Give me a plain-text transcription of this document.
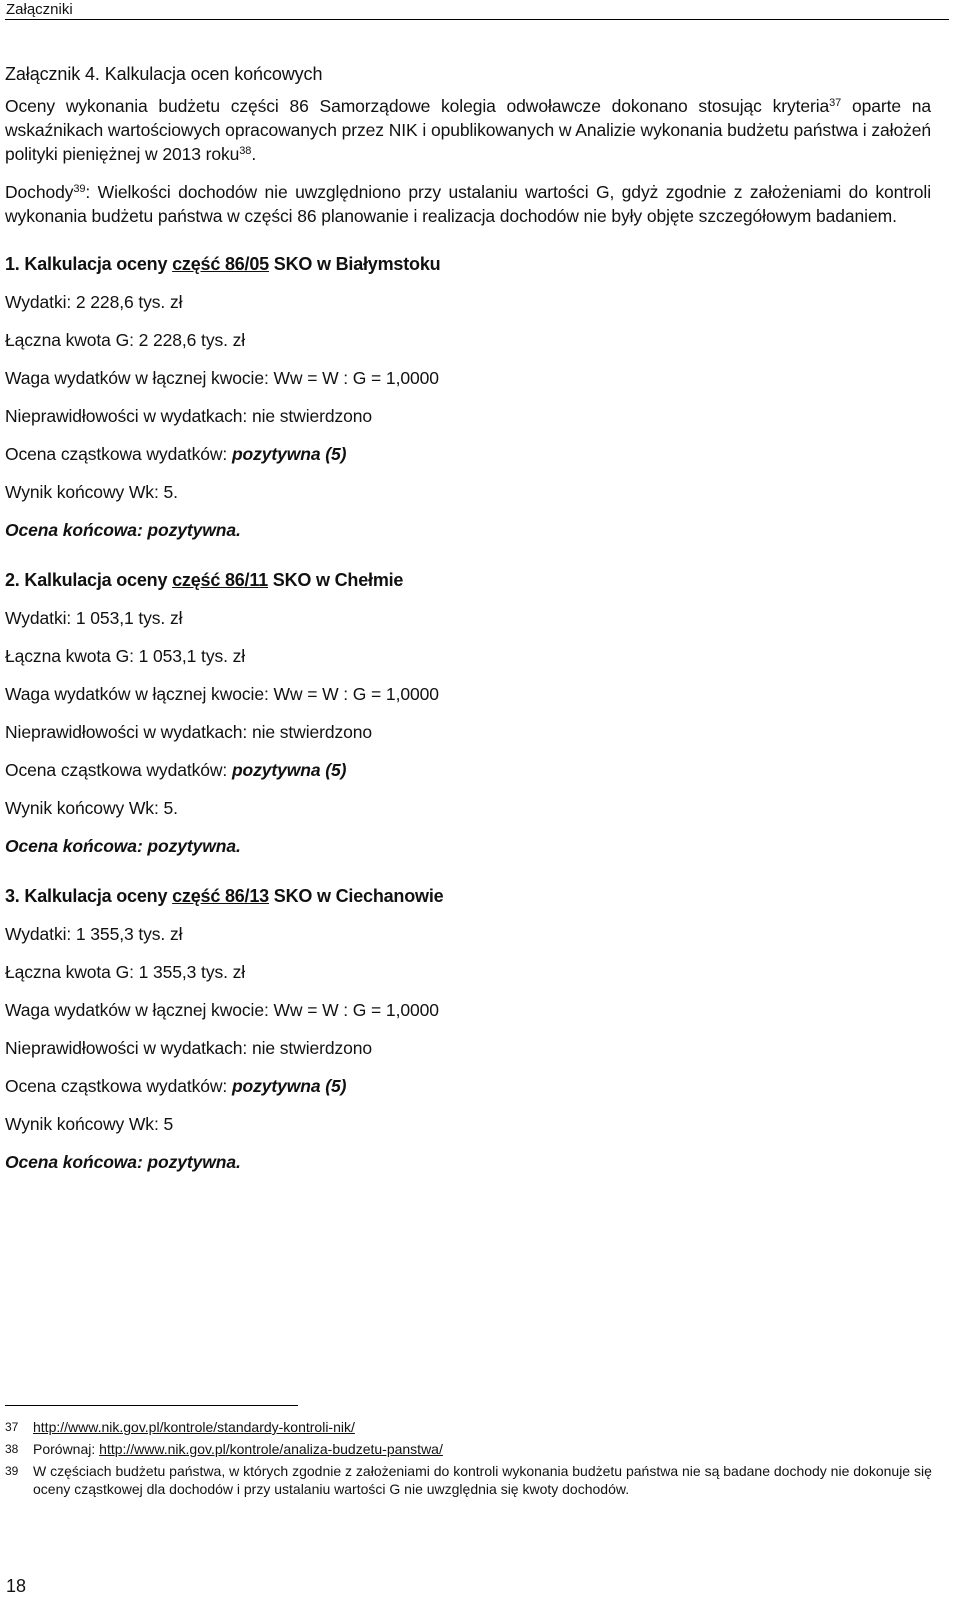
Załączniki
Załącznik 4. Kalkulacja ocen końcowych

Oceny wykonania budżetu części 86 Samorządowe kolegia odwoławcze dokonano stosując kryteria$^{37}$ oparte na wskaźnikach wartościowych opracowanych przez NIK i opublikowanych w Analizie wykonania budżetu państwa i założeń polityki pieniężnej w 2013 roku$^{38}$.

Dochody$^{39}$: Wielkości dochodów nie uwzględniono przy ustalaniu wartości G, gdyż zgodnie z założeniami do kontroli wykonania budżetu państwa w części 86 planowanie i realizacja dochodów nie były objęte szczegółowym badaniem.

1. Kalkulacja oceny część 86/05 SKO w Białymstoku
Wydatki: 2 228,6 tys. zł
Łączna kwota G: 2 228,6 tys. zł
Waga wydatków w łącznej kwocie: Ww = W : G = 1,0000
Nieprawidłowości w wydatkach: nie stwierdzono
Ocena cząstkowa wydatków: pozytywna (5)
Wynik końcowy Wk: 5.
Ocena końcowa: pozytywna.
2. Kalkulacja oceny część 86/11 SKO w Chełmie
Wydatki: 1 053,1 tys. zł
Łączna kwota G: 1 053,1 tys. zł
Waga wydatków w łącznej kwocie: Ww = W : G = 1,0000
Nieprawidłowości w wydatkach: nie stwierdzono
Ocena cząstkowa wydatków: pozytywna (5)
Wynik końcowy Wk: 5.
Ocena końcowa: pozytywna.
3. Kalkulacja oceny część 86/13 SKO w Ciechanowie
Wydatki: 1 355,3 tys. zł
Łączna kwota G: 1 355,3 tys. zł
Waga wydatków w łącznej kwocie: Ww = W : G = 1,0000
Nieprawidłowości w wydatkach: nie stwierdzono
Ocena cząstkowa wydatków: pozytywna (5)
Wynik końcowy Wk: 5
Ocena końcowa: pozytywna.
37	http://www.nik.gov.pl/kontrole/standardy-kontroli-nik/
38	Porównaj: http://www.nik.gov.pl/kontrole/analiza-budzetu-panstwa/
39	W częściach budżetu państwa, w których zgodnie z założeniami do kontroli wykonania budżetu państwa nie są badane dochody nie dokonuje się oceny cząstkowej dla dochodów i przy ustalaniu wartości G nie uwzględnia się kwoty dochodów.
18
